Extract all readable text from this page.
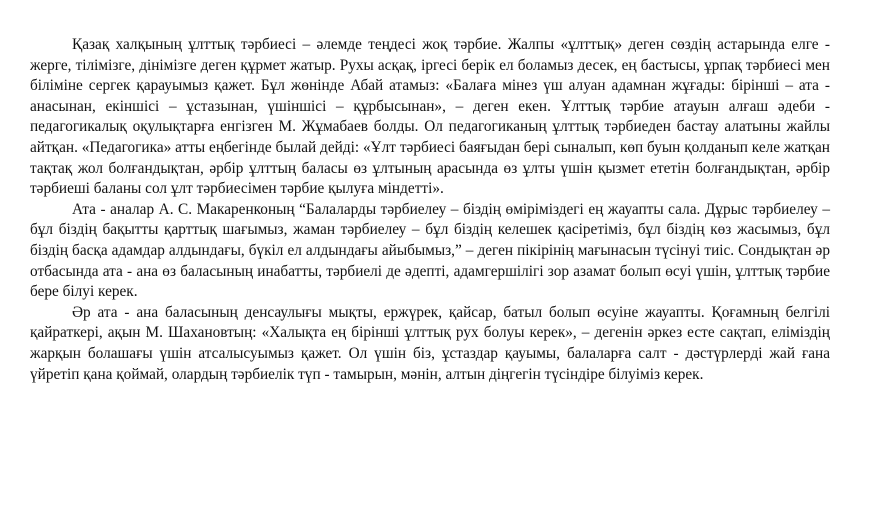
Қазақ халқының ұлттық тәрбиесі – әлемде теңдесі жоқ тәрбие. Жалпы «ұлттық» деген сөздің астарында елге - жерге, тілімізге, дінімізге деген құрмет жатыр. Рухы асқақ, іргесі берік ел боламыз десек, ең бастысы, ұрпақ тәрбиесі мен біліміне сергек қарауымыз қажет. Бұл жөнінде Абай атамыз: «Балаға мінез үш алуан адамнан жұғады: бірінші – ата - анасынан, екіншісі – ұстазынан, үшіншісі – құрбысынан», – деген екен. Ұлттық тәрбие атауын алғаш әдеби - педагогикалық оқулықтарға енгізген М. Жұмабаев болды. Ол педагогиканың ұлттық тәрбиеден бастау алатыны жайлы айтқан. «Педагогика» атты еңбегінде былай дейді: «Ұлт тәрбиесі баяғыдан бері сыналып, көп буын қолданып келе жатқан тақтақ жол болғандықтан, әрбір ұлттың баласы өз ұлтының арасында өз ұлты үшін қызмет ететін болғандықтан, әрбір тәрбиеші баланы сол ұлт тәрбиесімен тәрбие қылуға міндетті».

Ата - аналар А. С. Макаренконың “Балаларды тәрбиелеу – біздің өміріміздегі ең жауапты сала. Дұрыс тәрбиелеу – бұл біздің бақытты қарттық шағымыз, жаман тәрбиелеу – бұл біздің келешек қасіретіміз, бұл біздің көз жасымыз, бұл біздің басқа адамдар алдындағы, бүкіл ел алдындағы айыбымыз,” – деген пікірінің мағынасын түсінуі тиіс. Сондықтан әр отбасында ата - ана өз баласының инабатты, тәрбиелі де әдепті, адамгершілігі зор азамат болып өсуі үшін, ұлттық тәрбие бере білуі керек.

Әр ата - ана баласының денсаулығы мықты, ержүрек, қайсар, батыл болып өсуіне жауапты. Қоғамның белгілі қайраткері, ақын М. Шахановтың: «Халықта ең бірінші ұлттық рух болуы керек», – дегенін әркез есте сақтап, еліміздің жарқын болашағы үшін атсалысуымыз қажет. Ол үшін біз, ұстаздар қауымы, балаларға салт - дәстүрлерді жай ғана үйретіп қана қоймай, олардың тәрбиелік түп - тамырын, мәнін, алтын діңгегін түсіндіре білуіміз керек.
